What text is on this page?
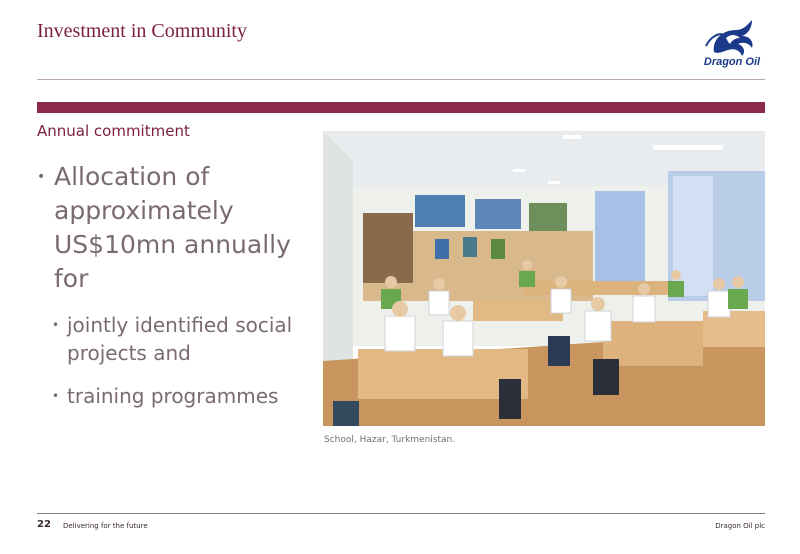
Investment in Community
Dragon Oil
Annual commitment
• Allocation of approximately US$10mn annually for
• jointly identified social projects and
• training programmes
School, Hazar, Turkmenistan.
22 Delivering for the future	Dragon Oil plc
